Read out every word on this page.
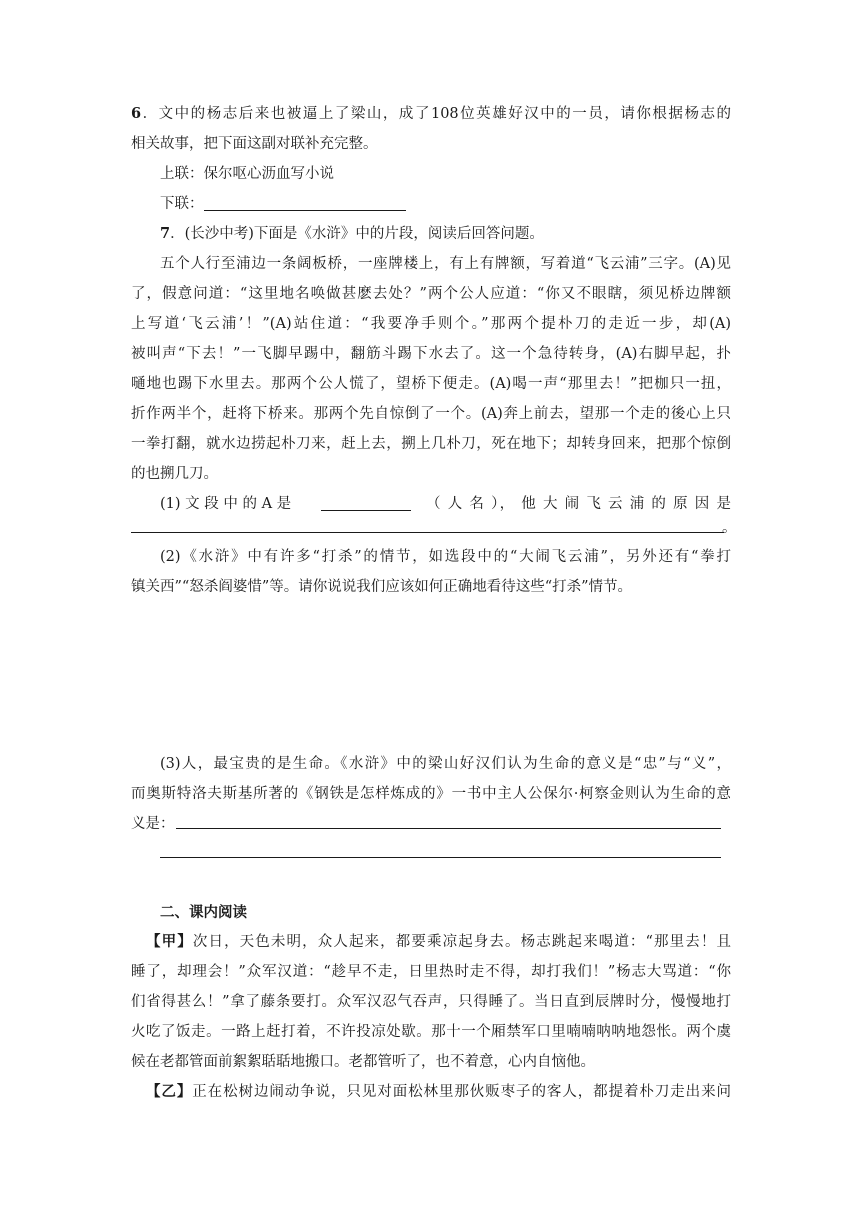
6．文中的杨志后来也被逼上了梁山，成了108位英雄好汉中的一员，请你根据杨志的
相关故事，把下面这副对联补充完整。
上联：保尔呕心沥血写小说
下联：
7．(长沙中考)下面是《水浒》中的片段，阅读后回答问题。
五个人行至浦边一条阔板桥，一座牌楼上，有上有牌额，写着道“飞云浦”三字。(A)见
了，假意问道：“这里地名唤做甚麽去处？”两个公人应道：“你又不眼瞎，须见桥边牌额
上写道‘飞云浦’！”(A)站住道：“我要净手则个。”那两个提朴刀的走近一步，却(A)
被叫声“下去！”一飞脚早踢中，翻筋斗踢下水去了。这一个急待转身，(A)右脚早起，扑
嗵地也踢下水里去。那两个公人慌了，望桥下便走。(A)喝一声“那里去！”把枷只一扭，
折作两半个，赶将下桥来。那两个先自惊倒了一个。(A)奔上前去，望那一个走的後心上只
一拳打翻，就水边捞起朴刀来，赶上去，搠上几朴刀，死在地下；却转身回来，把那个惊倒
的也搠几刀。
(1) 文 段 中 的 A 是	（ 人 名 ）， 他 大 闹 飞 云 浦 的 原 因 是
。
(2)《水浒》中有许多“打杀”的情节，如选段中的“大闹飞云浦”，另外还有“拳打
镇关西”“怒杀阎婆惜”等。请你说说我们应该如何正确地看待这些“打杀”情节。
(3)人，最宝贵的是生命。《水浒》中的梁山好汉们认为生命的意义是“忠”与“义”，
而奥斯特洛夫斯基所著的《钢铁是怎样炼成的》一书中主人公保尔·柯察金则认为生命的意
义是：
二、课内阅读
【甲】次日，天色未明，众人起来，都要乘凉起身去。杨志跳起来喝道：“那里去！且
睡了，却理会！”众军汉道：“趁早不走，日里热时走不得，却打我们！”杨志大骂道：“你
们省得甚么！”拿了藤条要打。众军汉忍气吞声，只得睡了。当日直到辰牌时分，慢慢地打
火吃了饭走。一路上赶打着，不许投凉处歇。那十一个厢禁军口里喃喃呐呐地怨怅。两个虞
候在老都管面前絮絮聒聒地搬口。老都管听了，也不着意，心内自恼他。
【乙】正在松树边闹动争说，只见对面松林里那伙贩枣子的客人，都提着朴刀走出来问
